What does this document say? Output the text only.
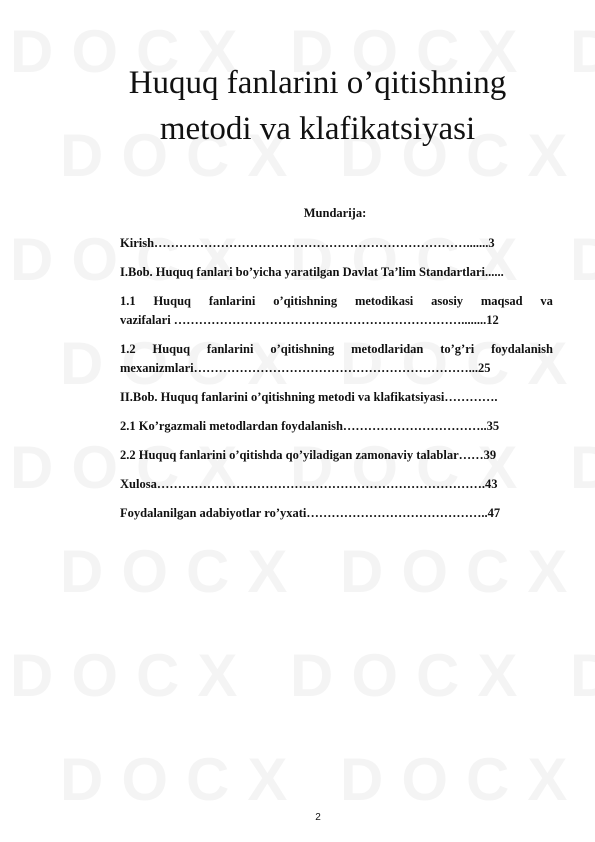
Huquq fanlarini o’qitishning
metodi va klafikatsiyasi
Mundarija:
Kirish………………………………………………………………….......3
I.Bob. Huquq fanlari bo’yicha yaratilgan Davlat Ta’lim Standartlari......
1.1 Huquq fanlarini o’qitishning metodikasi asosiy maqsad va
vazifalari ……………………………………………………………........12
1.2 Huquq fanlarini o’qitishning metodlaridan to’g’ri foydalanish
mexanizmlari…………………………………………………………...25
II.Bob. Huquq fanlarini o’qitishning metodi va klafikatsiyasi………….
2.1 Ko’rgazmali metodlardan foydalanish……………………………..35
2.2 Huquq fanlarini o’qitishda qo’yiladigan zamonaviy talablar……39
Xulosa…………………………………………………………………….43
Foydalanilgan adabiyotlar ro’yxati……………………………………..47
2
